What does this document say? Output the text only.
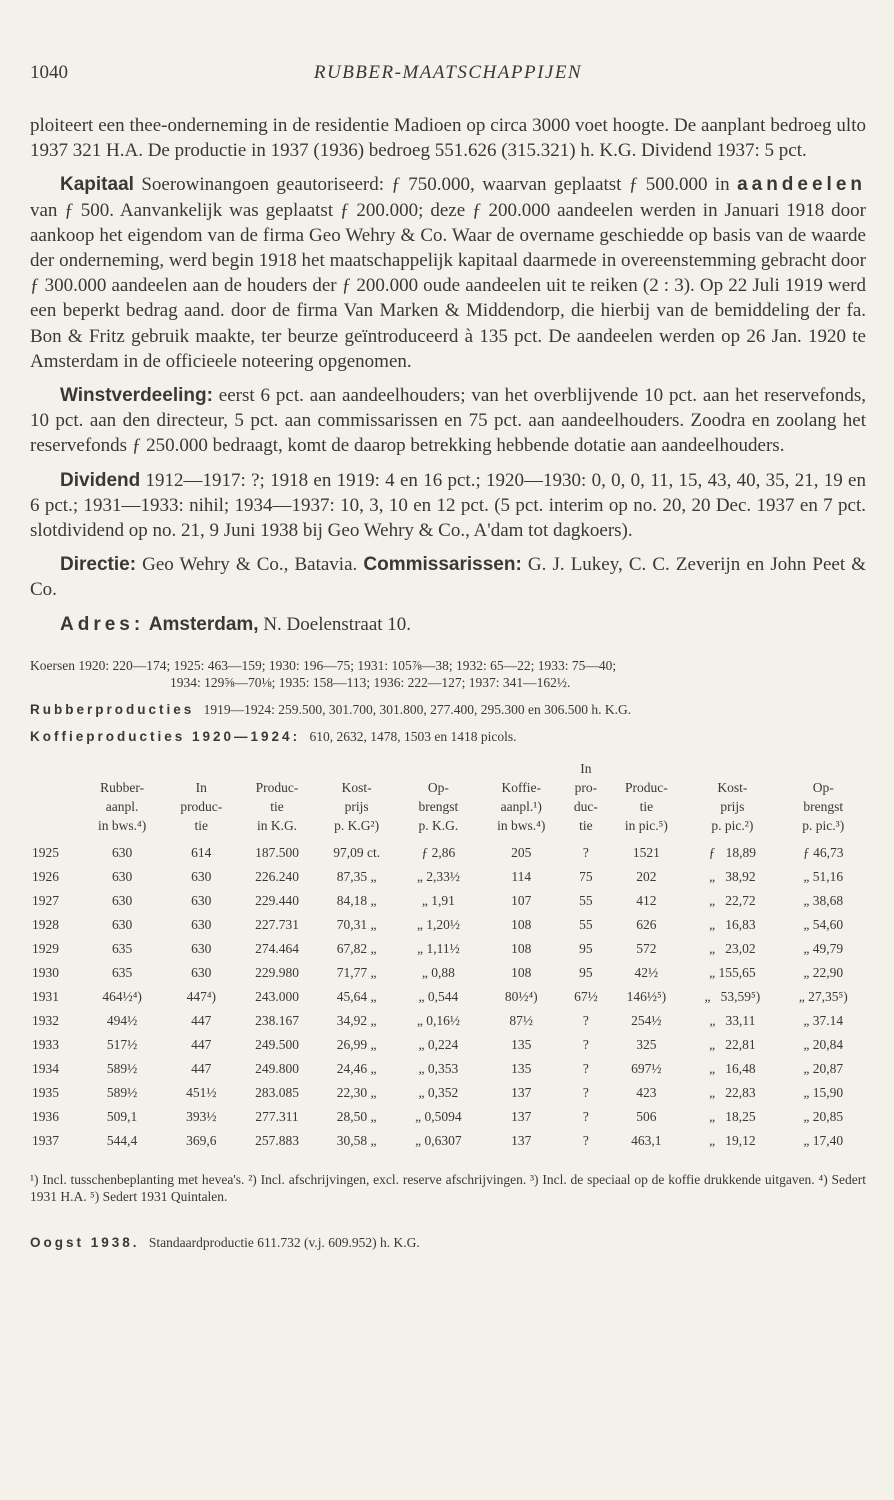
1040	RUBBER-MAATSCHAPPIJEN

ploiteert een thee-onderneming in de residentie Madioen op circa 3000 voet hoogte. De aanplant bedroeg ulto 1937 321 H.A. De productie in 1937 (1936) bedroeg 551.626 (315.321) h. K.G. Dividend 1937: 5 pct.

Kapitaal Soerowinangoen geautoriseerd: ƒ 750.000, waarvan geplaatst ƒ 500.000 in aandeelen van ƒ 500. Aanvankelijk was geplaatst ƒ 200.000; deze ƒ 200.000 aandeelen werden in Januari 1918 door aankoop het eigendom van de firma Geo Wehry & Co. Waar de overname geschiedde op basis van de waarde der onderneming, werd begin 1918 het maatschappelijk kapitaal daarmede in overeenstemming gebracht door ƒ 300.000 aandeelen aan de houders der ƒ 200.000 oude aandeelen uit te reiken (2 : 3). Op 22 Juli 1919 werd een beperkt bedrag aand. door de firma Van Marken & Middendorp, die hierbij van de bemiddeling der fa. Bon & Fritz gebruik maakte, ter beurze geïntroduceerd à 135 pct. De aandeelen werden op 26 Jan. 1920 te Amsterdam in de officieele noteering opgenomen.

Winstverdeeling: eerst 6 pct. aan aandeelhouders; van het overblijvende 10 pct. aan het reservefonds, 10 pct. aan den directeur, 5 pct. aan commissarissen en 75 pct. aan aandeelhouders. Zoodra en zoolang het reservefonds ƒ 250.000 bedraagt, komt de daarop betrekking hebbende dotatie aan aandeelhouders.

Dividend 1912—1917: ?; 1918 en 1919: 4 en 16 pct.; 1920—1930: 0, 0, 0, 11, 15, 43, 40, 35, 21, 19 en 6 pct.; 1931—1933: nihil; 1934—1937: 10, 3, 10 en 12 pct. (5 pct. interim op no. 20, 20 Dec. 1937 en 7 pct. slotdividend op no. 21, 9 Juni 1938 bij Geo Wehry & Co., A'dam tot dagkoers).

Directie: Geo Wehry & Co., Batavia. Commissarissen: G. J. Lukey, C. C. Zeverijn en John Peet & Co.

Adres: Amsterdam, N. Doelenstraat 10.

Koersen 1920: 220—174; 1925: 463—159; 1930: 196—75; 1931: 105⅞—38; 1932: 65—22; 1933: 75—40;
1934: 129⅝—70⅛; 1935: 158—113; 1936: 222—127; 1937: 341—162½.

Rubberproducties 1919—1924: 259.500, 301.700, 301.800, 277.400, 295.300 en 306.500 h. K.G.

Koffieproducties 1920—1924: 610, 2632, 1478, 1503 en 1418 picols.

	Rubber-
aanpl.
in bws.⁴)	In
produc-
tie	Produc-
tie
in K.G.	Kost-
prijs
p. K.G²)	Op-
brengst
p. K.G.	Koffie-
aanpl.¹)
in bws.⁴)	In
pro-
duc-
tie	Produc-
tie
in pic.⁵)	Kost-
prijs
p. pic.²)	Op-
brengst
p. pic.³)
1925	630	614	187.500	97,09 ct.	ƒ 2,86	205	?	1521	ƒ   18,89	ƒ 46,73
1926	630	630	226.240	87,35 „	„ 2,33½	114	75	202	„   38,92	„ 51,16
1927	630	630	229.440	84,18 „	„ 1,91	107	55	412	„   22,72	„ 38,68
1928	630	630	227.731	70,31 „	„ 1,20½	108	55	626	„   16,83	„ 54,60
1929	635	630	274.464	67,82 „	„ 1,11½	108	95	572	„   23,02	„ 49,79
1930	635	630	229.980	71,77 „	„ 0,88	108	95	42½	„ 155,65	„ 22,90
1931	464½⁴)	447⁴)	243.000	45,64 „	„ 0,544	80½⁴)	67½	146½⁵)	„   53,59⁵)	„ 27,35⁵)
1932	494½	447	238.167	34,92 „	„ 0,16½	87½	?	254½	„   33,11	„ 37.14
1933	517½	447	249.500	26,99 „	„ 0,224	135	?	325	„   22,81	„ 20,84
1934	589½	447	249.800	24,46 „	„ 0,353	135	?	697½	„   16,48	„ 20,87
1935	589½	451½	283.085	22,30 „	„ 0,352	137	?	423	„   22,83	„ 15,90
1936	509,1	393½	277.311	28,50 „	„ 0,5094	137	?	506	„   18,25	„ 20,85
1937	544,4	369,6	257.883	30,58 „	„ 0,6307	137	?	463,1	„   19,12	„ 17,40
¹) Incl. tusschenbeplanting met hevea's. ²) Incl. afschrijvingen, excl. reserve afschrijvingen. ³) Incl. de speciaal op de koffie drukkende uitgaven. ⁴) Sedert 1931 H.A. ⁵) Sedert 1931 Quintalen.
Oogst 1938. Standaardproductie 611.732 (v.j. 609.952) h. K.G.
